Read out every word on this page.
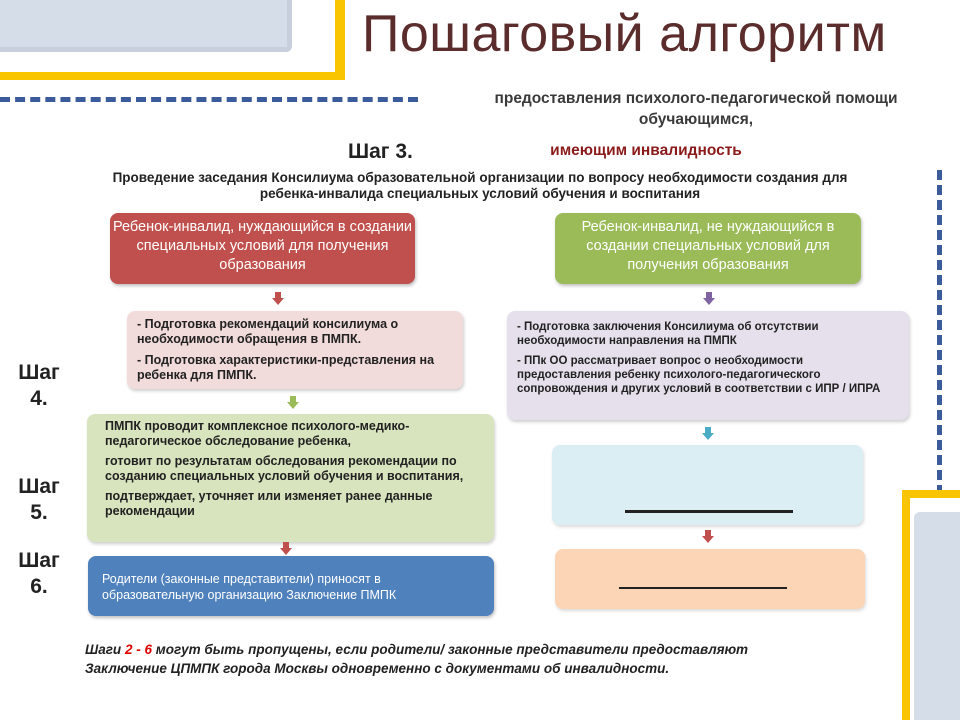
Пошаговый алгоритм
предоставления психолого-педагогической помощи обучающимся,
имеющим инвалидность
Шаг 3.
Проведение заседания Консилиума образовательной организации по вопросу необходимости создания для ребенка-инвалида специальных условий обучения и воспитания
Шаг
4.
Шаг
5.
Шаг
6.
Ребенок-инвалид, нуждающийся в создании специальных условий для получения образования

- Подготовка рекомендаций консилиума о необходимости обращения в ПМПК.

- Подготовка характеристики-представления на ребенка для ПМПК.

ПМПК проводит комплексное психолого-медико-педагогическое обследование ребенка,

готовит по результатам обследования рекомендации по созданию специальных условий обучения и воспитания,

подтверждает, уточняет или изменяет ранее данные рекомендации

Родители (законные представители) приносят в образовательную организацию Заключение ПМПК
Ребенок-инвалид, не нуждающийся в создании специальных условий для получения образования

- Подготовка заключения Консилиума об отсутствии необходимости направления на ПМПК

- ППк ОО рассматривает вопрос о необходимости предоставления ребенку психолого-педагогического сопровождения и других условий в соответствии с ИПР / ИПРА

Шаги 2 - 6 могут быть пропущены, если родители/ законные представители предоставляют Заключение ЦПМПК города Москвы одновременно с документами об инвалидности.
